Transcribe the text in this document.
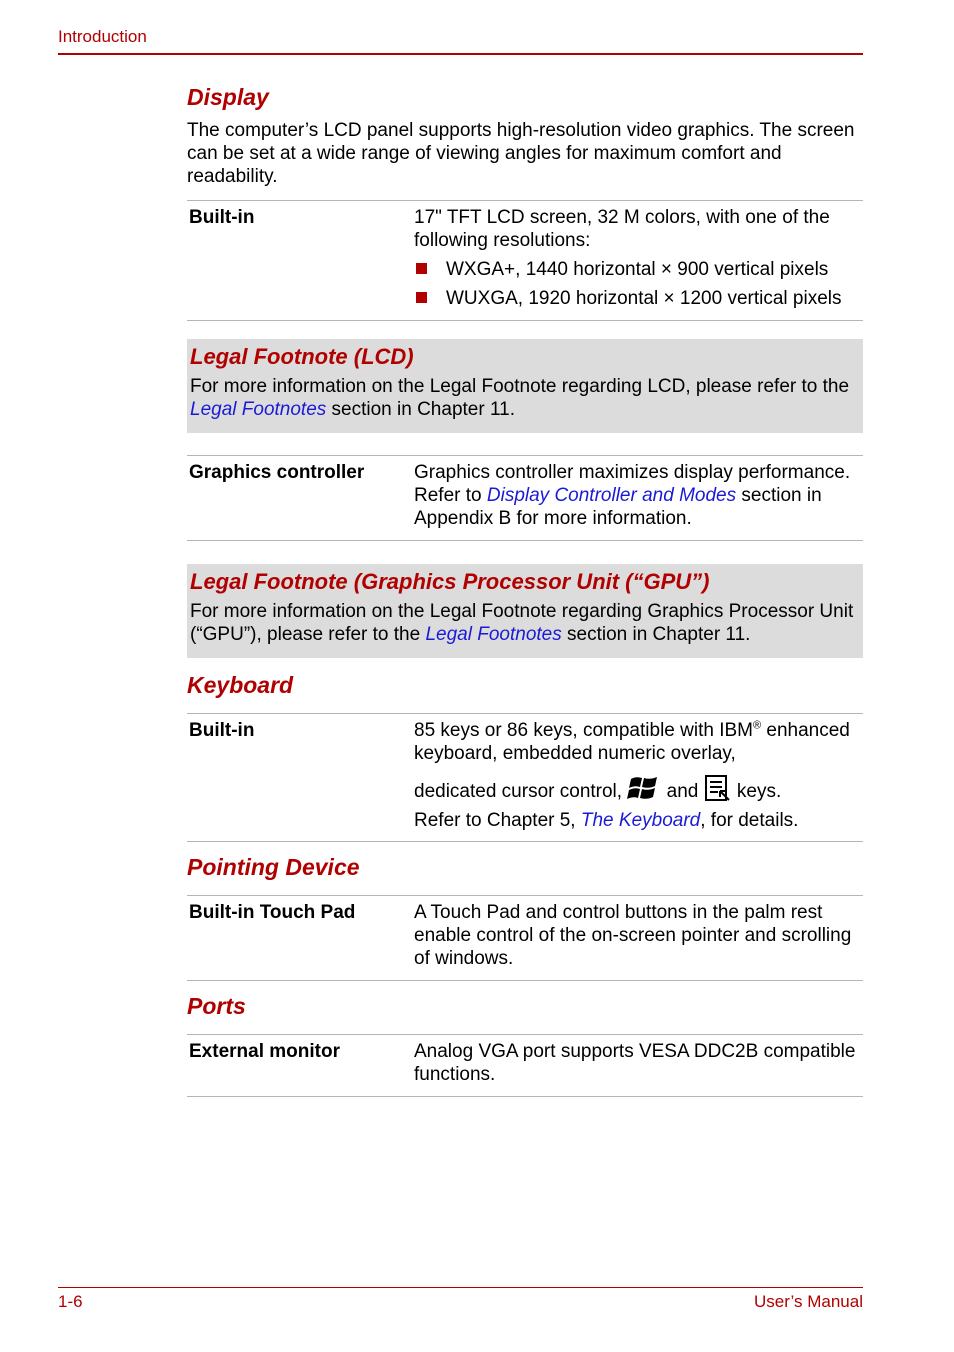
Introduction
Display

The computer’s LCD panel supports high-resolution video graphics. The screen can be set at a wide range of viewing angles for maximum comfort and readability.

Built-in	17" TFT LCD screen, 32 M colors, with one of the following resolutions:

WXGA+, 1440 horizontal × 900 vertical pixels
WUXGA, 1920 horizontal × 1200 vertical pixels
Legal Footnote (LCD)

For more information on the Legal Footnote regarding LCD, please refer to the Legal Footnotes section in Chapter 11.

Graphics controller	Graphics controller maximizes display performance. Refer to Display Controller and Modes section in Appendix B for more information.
Legal Footnote (Graphics Processor Unit (“GPU”)

For more information on the Legal Footnote regarding Graphics Processor Unit (“GPU”), please refer to the Legal Footnotes section in Chapter 11.

Keyboard
Built-in	85 keys or 86 keys, compatible with IBM® enhanced keyboard, embedded numeric overlay,

dedicated cursor control, and keys.

Refer to Chapter 5, The Keyboard, for details.

Pointing Device
Built-in Touch Pad	A Touch Pad and control buttons in the palm rest enable control of the on-screen pointer and scrolling of windows.
Ports
External monitor	Analog VGA port supports VESA DDC2B compatible functions.
1-6	User’s Manual
